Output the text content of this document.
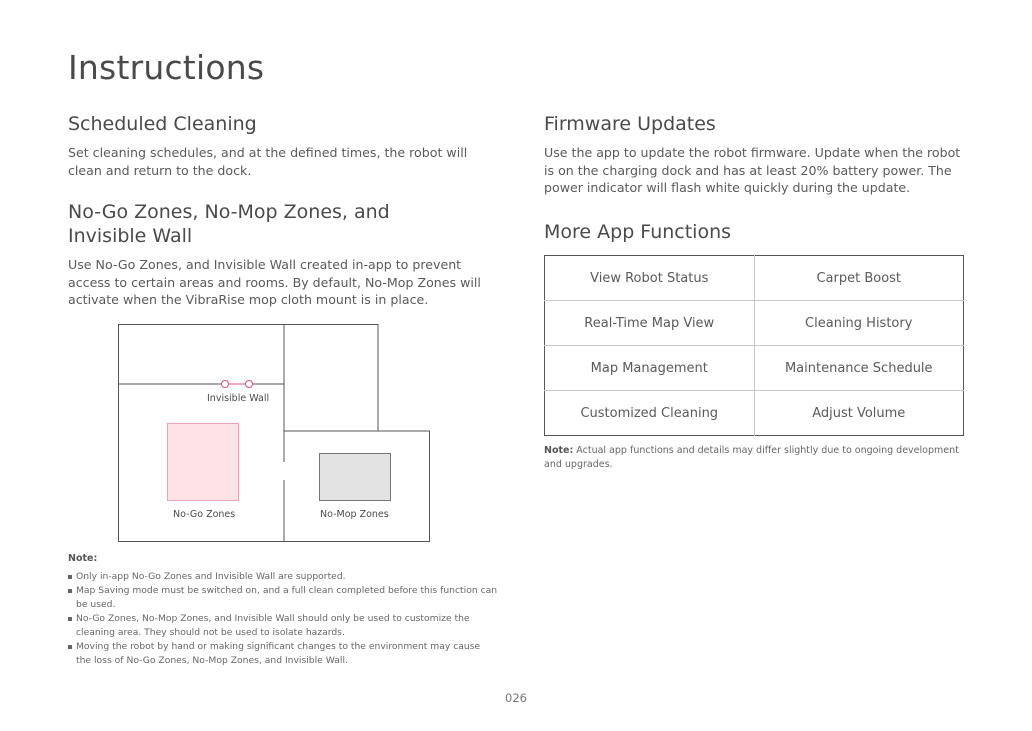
Instructions
Scheduled Cleaning

Set cleaning schedules, and at the defined times, the robot will clean and return to the dock.

No-Go Zones, No-Mop Zones, and
Invisible Wall

Use No-Go Zones, and Invisible Wall created in-app to prevent access to certain areas and rooms. By default, No-Mop Zones will activate when the VibraRise mop cloth mount is in place.

Invisible Wall
No-Go Zones	No-Mop Zones
Note:
Only in-app No-Go Zones and Invisible Wall are supported.
Map Saving mode must be switched on, and a full clean completed before this function can be used.
No-Go Zones, No-Mop Zones, and Invisible Wall should only be used to customize the cleaning area. They should not be used to isolate hazards.
Moving the robot by hand or making significant changes to the environment may cause the loss of No-Go Zones, No-Mop Zones, and Invisible Wall.
Firmware Updates

Use the app to update the robot firmware. Update when the robot is on the charging dock and has at least 20% battery power. The power indicator will flash white quickly during the update.

More App Functions
View Robot Status	Carpet Boost
Real-Time Map View	Cleaning History
Map Management	Maintenance Schedule
Customized Cleaning	Adjust Volume
Note: Actual app functions and details may differ slightly due to ongoing development and upgrades.
026
